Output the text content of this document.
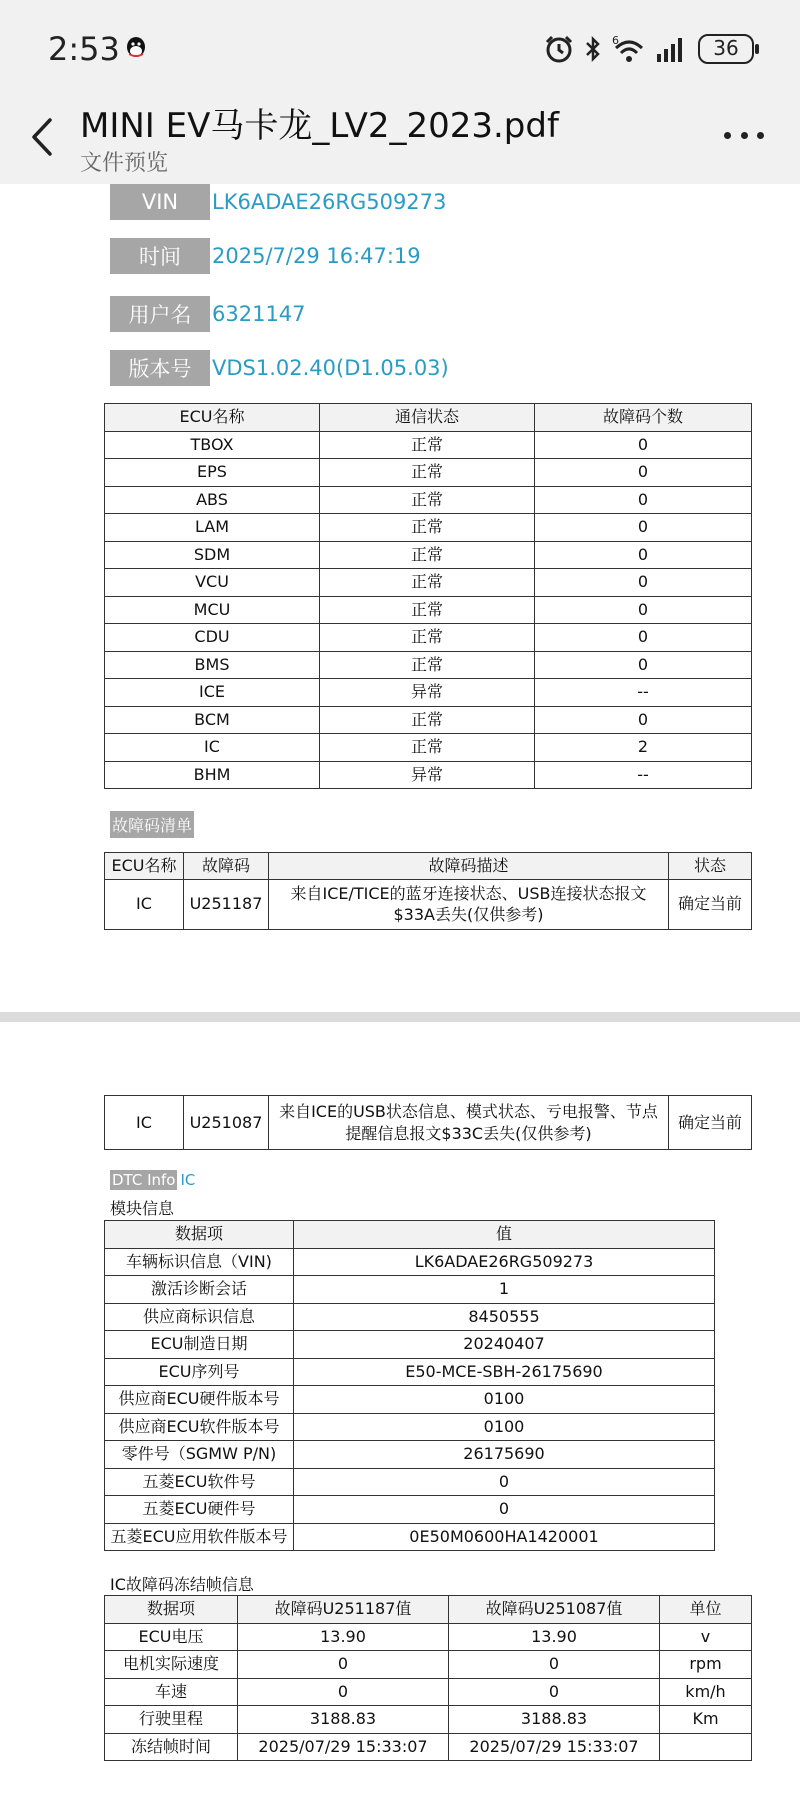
2:53	6	36
MINI EV马卡龙_LV2_2023.pdf
文件预览
VIN	LK6ADAE26RG509273
时间	2025/7/29 16:47:19
用户名 6321147
版本号 VDS1.02.40(D1.05.03)
ECU名称	通信状态	故障码个数
TBOX	正常	0
EPS	正常	0
ABS	正常	0
LAM	正常	0
SDM	正常	0
VCU	正常	0
MCU	正常	0
CDU	正常	0
BMS	正常	0
ICE	异常	--
BCM	正常	0
IC	正常	2
BHM	异常	--
故障码清单
ECU名称	故障码	故障码描述	状态
IC	U251187	来自ICE/TICE的蓝牙连接状态、USB连接状态报文$33A丢失(仅供参考)	确定当前
IC	U251087	来自ICE的USB状态信息、模式状态、亏电报警、节点提醒信息报文$33C丢失(仅供参考)	确定当前
DTC Info IC
模块信息
数据项	值
车辆标识信息（VIN)	LK6ADAE26RG509273
激活诊断会话	1
供应商标识信息	8450555
ECU制造日期	20240407
ECU序列号	E50-MCE-SBH-26175690
供应商ECU硬件版本号	0100
供应商ECU软件版本号	0100
零件号（SGMW P/N)	26175690
五菱ECU软件号	0
五菱ECU硬件号	0
五菱ECU应用软件版本号	0E50M0600HA1420001
IC故障码冻结帧信息
数据项	故障码U251187值	故障码U251087值	单位
ECU电压	13.90	13.90	v
电机实际速度	0	0	rpm
车速	0	0	km/h
行驶里程	3188.83	3188.83	Km
冻结帧时间	2025/07/29 15:33:07	2025/07/29 15:33:07	
